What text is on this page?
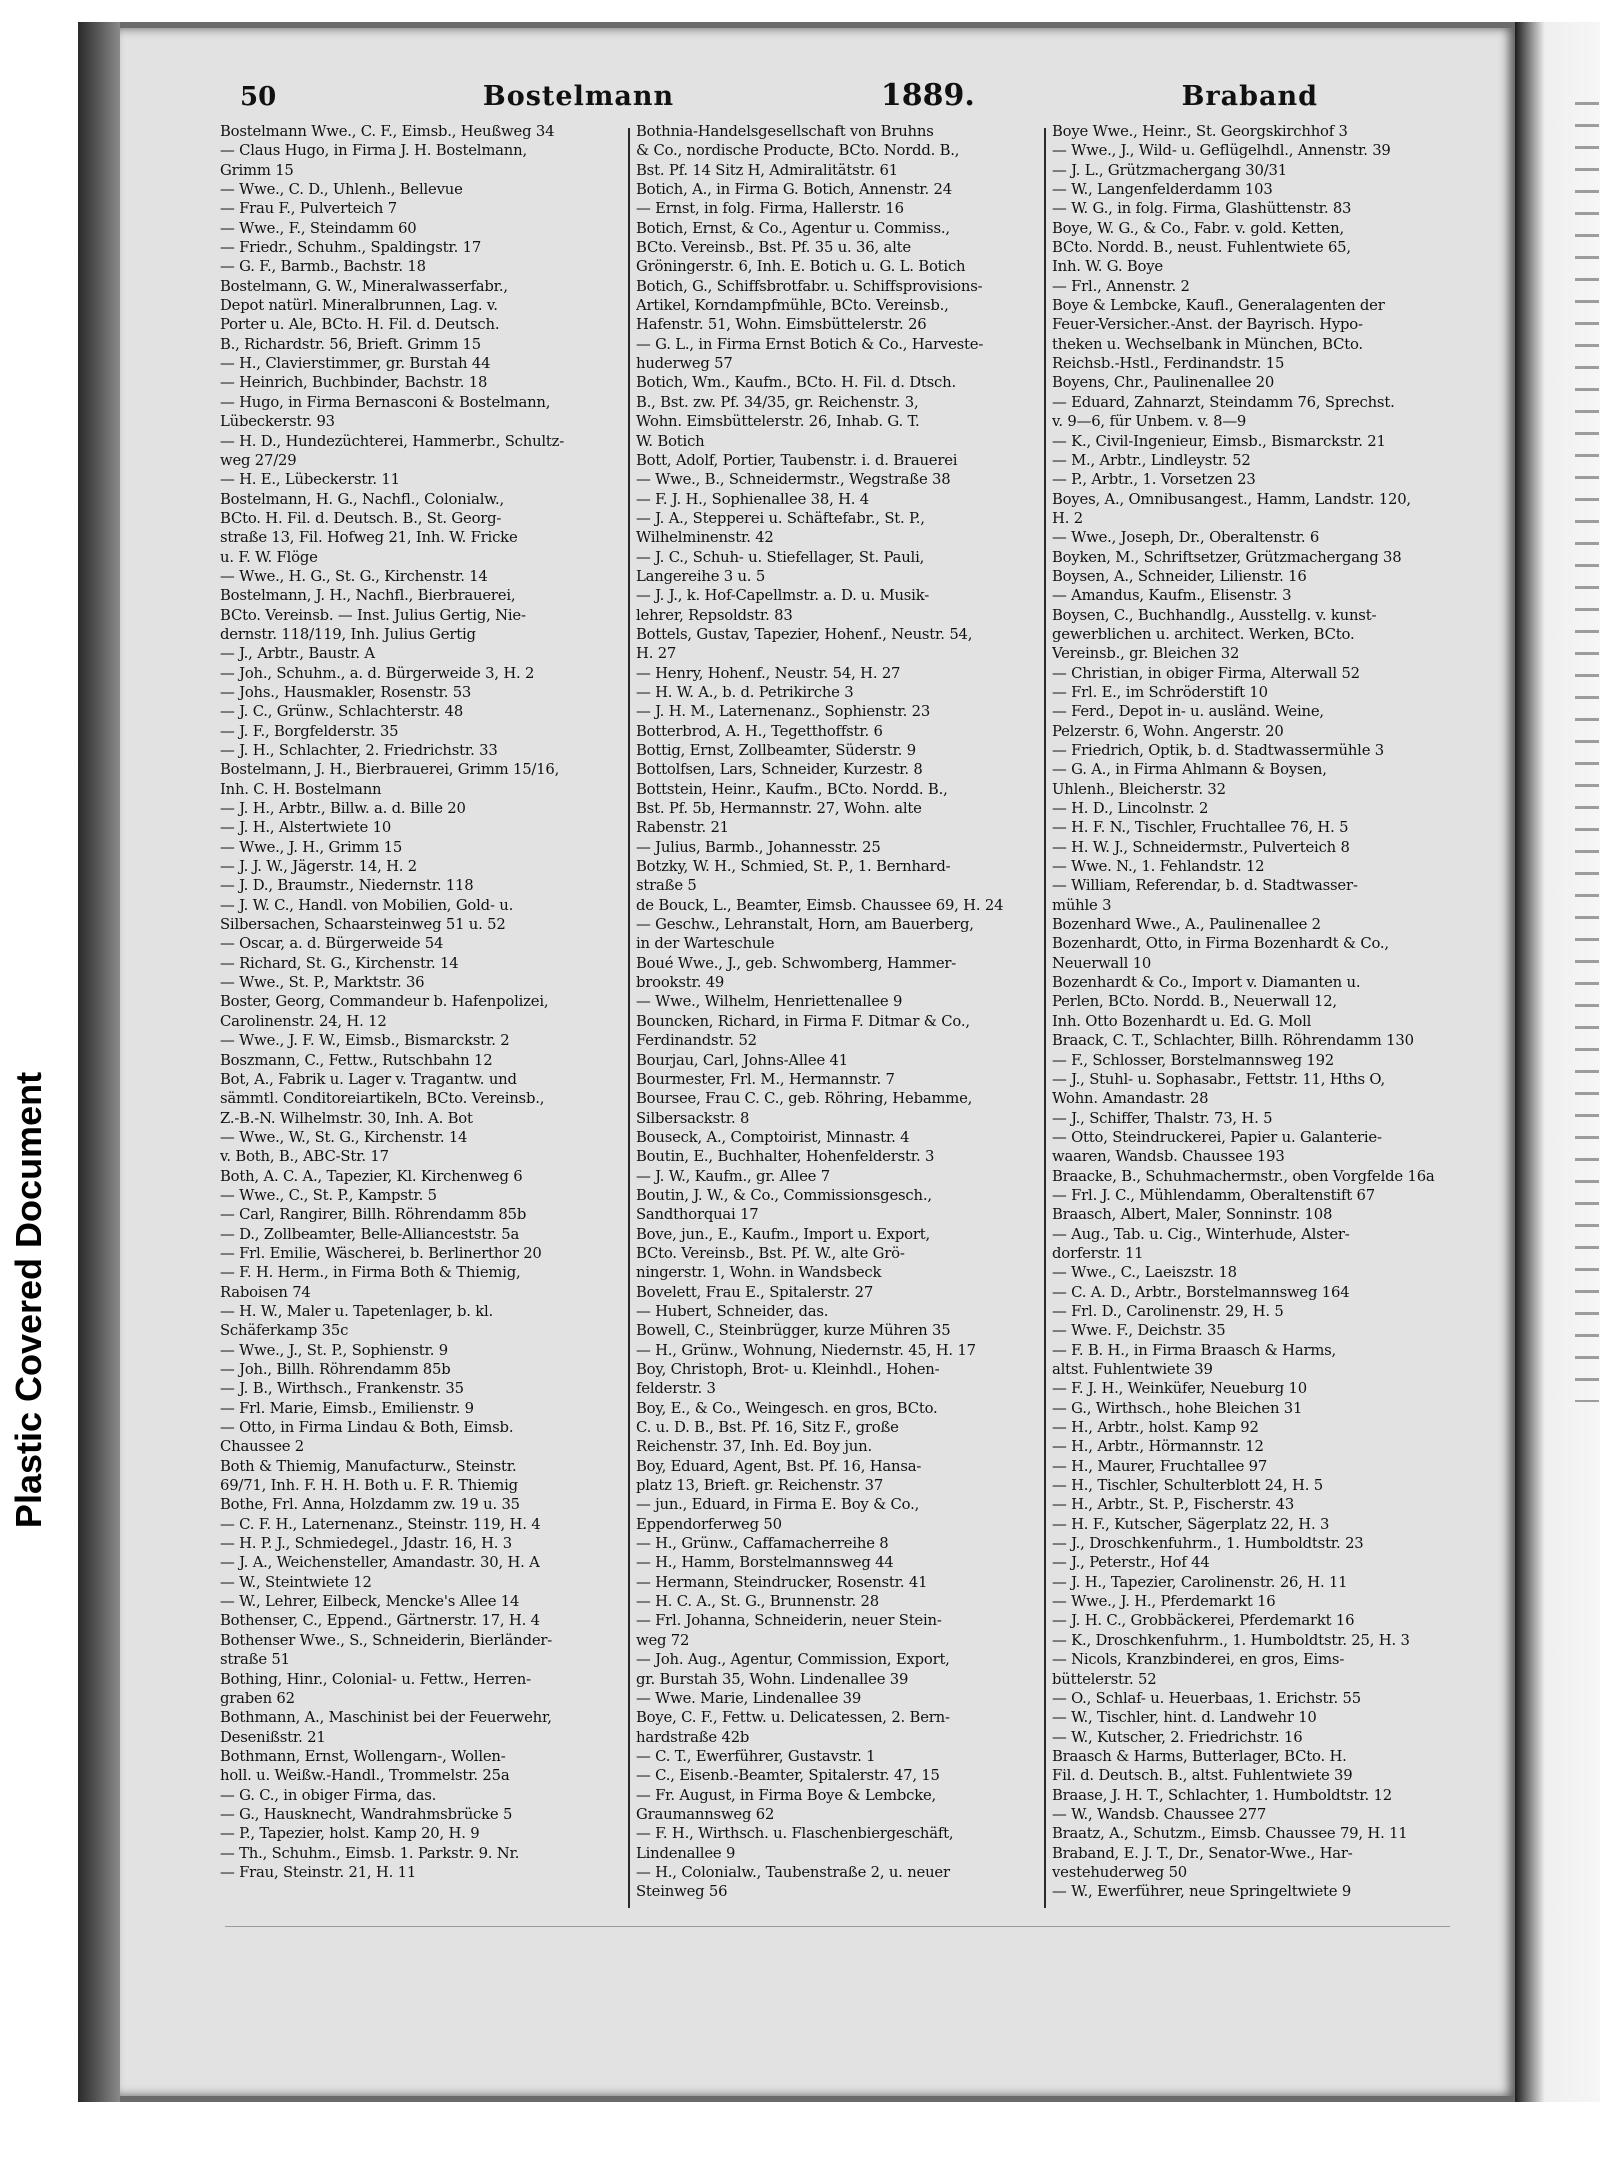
Plastic Covered Document
50	Bostelmann	1889.	Braband
Bostelmann Wwe., C. F., Eimsb., Heußweg 34
— Claus Hugo, in Firma J. H. Bostelmann,
Grimm 15
— Wwe., C. D., Uhlenh., Bellevue
— Frau F., Pulverteich 7
— Wwe., F., Steindamm 60
— Friedr., Schuhm., Spaldingstr. 17
— G. F., Barmb., Bachstr. 18
Bostelmann, G. W., Mineralwasserfabr.,
Depot natürl. Mineralbrunnen, Lag. v.
Porter u. Ale, BCto. H. Fil. d. Deutsch.
B., Richardstr. 56, Brieft. Grimm 15
— H., Clavierstimmer, gr. Burstah 44
— Heinrich, Buchbinder, Bachstr. 18
— Hugo, in Firma Bernasconi & Bostelmann,
Lübeckerstr. 93
— H. D., Hundezüchterei, Hammerbr., Schultz-
weg 27/29
— H. E., Lübeckerstr. 11
Bostelmann, H. G., Nachfl., Colonialw.,
BCto. H. Fil. d. Deutsch. B., St. Georg-
straße 13, Fil. Hofweg 21, Inh. W. Fricke
u. F. W. Flöge
— Wwe., H. G., St. G., Kirchenstr. 14
Bostelmann, J. H., Nachfl., Bierbrauerei,
BCto. Vereinsb. — Inst. Julius Gertig, Nie-
dernstr. 118/119, Inh. Julius Gertig
— J., Arbtr., Baustr. A
— Joh., Schuhm., a. d. Bürgerweide 3, H. 2
— Johs., Hausmakler, Rosenstr. 53
— J. C., Grünw., Schlachterstr. 48
— J. F., Borgfelderstr. 35
— J. H., Schlachter, 2. Friedrichstr. 33
Bostelmann, J. H., Bierbrauerei, Grimm 15/16,
Inh. C. H. Bostelmann
— J. H., Arbtr., Billw. a. d. Bille 20
— J. H., Alstertwiete 10
— Wwe., J. H., Grimm 15
— J. J. W., Jägerstr. 14, H. 2
— J. D., Braumstr., Niedernstr. 118
— J. W. C., Handl. von Mobilien, Gold- u.
Silbersachen, Schaarsteinweg 51 u. 52
— Oscar, a. d. Bürgerweide 54
— Richard, St. G., Kirchenstr. 14
— Wwe., St. P., Marktstr. 36
Boster, Georg, Commandeur b. Hafenpolizei,
Carolinenstr. 24, H. 12
— Wwe., J. F. W., Eimsb., Bismarckstr. 2
Boszmann, C., Fettw., Rutschbahn 12
Bot, A., Fabrik u. Lager v. Tragantw. und
sämmtl. Conditoreiartikeln, BCto. Vereinsb.,
Z.-B.-N. Wilhelmstr. 30, Inh. A. Bot
— Wwe., W., St. G., Kirchenstr. 14
v. Both, B., ABC-Str. 17
Both, A. C. A., Tapezier, Kl. Kirchenweg 6
— Wwe., C., St. P., Kampstr. 5
— Carl, Rangirer, Billh. Röhrendamm 85b
— D., Zollbeamter, Belle-Allianceststr. 5a
— Frl. Emilie, Wäscherei, b. Berlinerthor 20
— F. H. Herm., in Firma Both & Thiemig,
Raboisen 74
— H. W., Maler u. Tapetenlager, b. kl.
Schäferkamp 35c
— Wwe., J., St. P., Sophienstr. 9
— Joh., Billh. Röhrendamm 85b
— J. B., Wirthsch., Frankenstr. 35
— Frl. Marie, Eimsb., Emilienstr. 9
— Otto, in Firma Lindau & Both, Eimsb.
Chaussee 2
Both & Thiemig, Manufacturw., Steinstr.
69/71, Inh. F. H. H. Both u. F. R. Thiemig
Bothe, Frl. Anna, Holzdamm zw. 19 u. 35
— C. F. H., Laternenanz., Steinstr. 119, H. 4
— H. P. J., Schmiedegel., Jdastr. 16, H. 3
— J. A., Weichensteller, Amandastr. 30, H. A
— W., Steintwiete 12
— W., Lehrer, Eilbeck, Mencke's Allee 14
Bothenser, C., Eppend., Gärtnerstr. 17, H. 4
Bothenser Wwe., S., Schneiderin, Bierländer-
straße 51
Bothing, Hinr., Colonial- u. Fettw., Herren-
graben 62
Bothmann, A., Maschinist bei der Feuerwehr,
Desenißstr. 21
Bothmann, Ernst, Wollengarn-, Wollen-
holl. u. Weißw.-Handl., Trommelstr. 25a
— G. C., in obiger Firma, das.
— G., Hausknecht, Wandrahmsbrücke 5
— P., Tapezier, holst. Kamp 20, H. 9
— Th., Schuhm., Eimsb. 1. Parkstr. 9. Nr.
— Frau, Steinstr. 21, H. 11
Bothnia-Handelsgesellschaft von Bruhns
& Co., nordische Producte, BCto. Nordd. B.,
Bst. Pf. 14 Sitz H, Admiralitätstr. 61
Botich, A., in Firma G. Botich, Annenstr. 24
— Ernst, in folg. Firma, Hallerstr. 16
Botich, Ernst, & Co., Agentur u. Commiss.,
BCto. Vereinsb., Bst. Pf. 35 u. 36, alte
Gröningerstr. 6, Inh. E. Botich u. G. L. Botich
Botich, G., Schiffsbrotfabr. u. Schiffsprovisions-
Artikel, Korndampfmühle, BCto. Vereinsb.,
Hafenstr. 51, Wohn. Eimsbüttelerstr. 26
— G. L., in Firma Ernst Botich & Co., Harveste-
huderweg 57
Botich, Wm., Kaufm., BCto. H. Fil. d. Dtsch.
B., Bst. zw. Pf. 34/35, gr. Reichenstr. 3,
Wohn. Eimsbüttelerstr. 26, Inhab. G. T.
W. Botich
Bott, Adolf, Portier, Taubenstr. i. d. Brauerei
— Wwe., B., Schneidermstr., Wegstraße 38
— F. J. H., Sophienallee 38, H. 4
— J. A., Stepperei u. Schäftefabr., St. P.,
Wilhelminenstr. 42
— J. C., Schuh- u. Stiefellager, St. Pauli,
Langereihe 3 u. 5
— J. J., k. Hof-Capellmstr. a. D. u. Musik-
lehrer, Repsoldstr. 83
Bottels, Gustav, Tapezier, Hohenf., Neustr. 54,
H. 27
— Henry, Hohenf., Neustr. 54, H. 27
— H. W. A., b. d. Petrikirche 3
— J. H. M., Laternenanz., Sophienstr. 23
Botterbrod, A. H., Tegetthoffstr. 6
Bottig, Ernst, Zollbeamter, Süderstr. 9
Bottolfsen, Lars, Schneider, Kurzestr. 8
Bottstein, Heinr., Kaufm., BCto. Nordd. B.,
Bst. Pf. 5b, Hermannstr. 27, Wohn. alte
Rabenstr. 21
— Julius, Barmb., Johannesstr. 25
Botzky, W. H., Schmied, St. P., 1. Bernhard-
straße 5
de Bouck, L., Beamter, Eimsb. Chaussee 69, H. 24
— Geschw., Lehranstalt, Horn, am Bauerberg,
in der Warteschule
Boué Wwe., J., geb. Schwomberg, Hammer-
brookstr. 49
— Wwe., Wilhelm, Henriettenallee 9
Bouncken, Richard, in Firma F. Ditmar & Co.,
Ferdinandstr. 52
Bourjau, Carl, Johns-Allee 41
Bourmester, Frl. M., Hermannstr. 7
Boursee, Frau C. C., geb. Röhring, Hebamme,
Silbersackstr. 8
Bouseck, A., Comptoirist, Minnastr. 4
Boutin, E., Buchhalter, Hohenfelderstr. 3
— J. W., Kaufm., gr. Allee 7
Boutin, J. W., & Co., Commissionsgesch.,
Sandthorquai 17
Bove, jun., E., Kaufm., Import u. Export,
BCto. Vereinsb., Bst. Pf. W., alte Grö-
ningerstr. 1, Wohn. in Wandsbeck
Bovelett, Frau E., Spitalerstr. 27
— Hubert, Schneider, das.
Bowell, C., Steinbrügger, kurze Mühren 35
— H., Grünw., Wohnung, Niedernstr. 45, H. 17
Boy, Christoph, Brot- u. Kleinhdl., Hohen-
felderstr. 3
Boy, E., & Co., Weingesch. en gros, BCto.
C. u. D. B., Bst. Pf. 16, Sitz F., große
Reichenstr. 37, Inh. Ed. Boy jun.
Boy, Eduard, Agent, Bst. Pf. 16, Hansa-
platz 13, Brieft. gr. Reichenstr. 37
— jun., Eduard, in Firma E. Boy & Co.,
Eppendorferweg 50
— H., Grünw., Caffamacherreihe 8
— H., Hamm, Borstelmannsweg 44
— Hermann, Steindrucker, Rosenstr. 41
— H. C. A., St. G., Brunnenstr. 28
— Frl. Johanna, Schneiderin, neuer Stein-
weg 72
— Joh. Aug., Agentur, Commission, Export,
gr. Burstah 35, Wohn. Lindenallee 39
— Wwe. Marie, Lindenallee 39
Boye, C. F., Fettw. u. Delicatessen, 2. Bern-
hardstraße 42b
— C. T., Ewerführer, Gustavstr. 1
— C., Eisenb.-Beamter, Spitalerstr. 47, 15
— Fr. August, in Firma Boye & Lembcke,
Graumannsweg 62
— F. H., Wirthsch. u. Flaschenbiergeschäft,
Lindenallee 9
— H., Colonialw., Taubenstraße 2, u. neuer
Steinweg 56
Boye Wwe., Heinr., St. Georgskirchhof 3
— Wwe., J., Wild- u. Geflügelhdl., Annenstr. 39
— J. L., Grützmachergang 30/31
— W., Langenfelderdamm 103
— W. G., in folg. Firma, Glashüttenstr. 83
Boye, W. G., & Co., Fabr. v. gold. Ketten,
BCto. Nordd. B., neust. Fuhlentwiete 65,
Inh. W. G. Boye
— Frl., Annenstr. 2
Boye & Lembcke, Kaufl., Generalagenten der
Feuer-Versicher.-Anst. der Bayrisch. Hypo-
theken u. Wechselbank in München, BCto.
Reichsb.-Hstl., Ferdinandstr. 15
Boyens, Chr., Paulinenallee 20
— Eduard, Zahnarzt, Steindamm 76, Sprechst.
v. 9—6, für Unbem. v. 8—9
— K., Civil-Ingenieur, Eimsb., Bismarckstr. 21
— M., Arbtr., Lindleystr. 52
— P., Arbtr., 1. Vorsetzen 23
Boyes, A., Omnibusangest., Hamm, Landstr. 120,
H. 2
— Wwe., Joseph, Dr., Oberaltenstr. 6
Boyken, M., Schriftsetzer, Grützmachergang 38
Boysen, A., Schneider, Lilienstr. 16
— Amandus, Kaufm., Elisenstr. 3
Boysen, C., Buchhandlg., Ausstellg. v. kunst-
gewerblichen u. architect. Werken, BCto.
Vereinsb., gr. Bleichen 32
— Christian, in obiger Firma, Alterwall 52
— Frl. E., im Schröderstift 10
— Ferd., Depot in- u. ausländ. Weine,
Pelzerstr. 6, Wohn. Angerstr. 20
— Friedrich, Optik, b. d. Stadtwassermühle 3
— G. A., in Firma Ahlmann & Boysen,
Uhlenh., Bleicherstr. 32
— H. D., Lincolnstr. 2
— H. F. N., Tischler, Fruchtallee 76, H. 5
— H. W. J., Schneidermstr., Pulverteich 8
— Wwe. N., 1. Fehlandstr. 12
— William, Referendar, b. d. Stadtwasser-
mühle 3
Bozenhard Wwe., A., Paulinenallee 2
Bozenhardt, Otto, in Firma Bozenhardt & Co.,
Neuerwall 10
Bozenhardt & Co., Import v. Diamanten u.
Perlen, BCto. Nordd. B., Neuerwall 12,
Inh. Otto Bozenhardt u. Ed. G. Moll
Braack, C. T., Schlachter, Billh. Röhrendamm 130
— F., Schlosser, Borstelmannsweg 192
— J., Stuhl- u. Sophasabr., Fettstr. 11, Hths O,
Wohn. Amandastr. 28
— J., Schiffer, Thalstr. 73, H. 5
— Otto, Steindruckerei, Papier u. Galanterie-
waaren, Wandsb. Chaussee 193
Braacke, B., Schuhmachermstr., oben Vorgfelde 16a
— Frl. J. C., Mühlendamm, Oberaltenstift 67
Braasch, Albert, Maler, Sonninstr. 108
— Aug., Tab. u. Cig., Winterhude, Alster-
dorferstr. 11
— Wwe., C., Laeiszstr. 18
— C. A. D., Arbtr., Borstelmannsweg 164
— Frl. D., Carolinenstr. 29, H. 5
— Wwe. F., Deichstr. 35
— F. B. H., in Firma Braasch & Harms,
altst. Fuhlentwiete 39
— F. J. H., Weinküfer, Neueburg 10
— G., Wirthsch., hohe Bleichen 31
— H., Arbtr., holst. Kamp 92
— H., Arbtr., Hörmannstr. 12
— H., Maurer, Fruchtallee 97
— H., Tischler, Schulterblott 24, H. 5
— H., Arbtr., St. P., Fischerstr. 43
— H. F., Kutscher, Sägerplatz 22, H. 3
— J., Droschkenfuhrm., 1. Humboldtstr. 23
— J., Peterstr., Hof 44
— J. H., Tapezier, Carolinenstr. 26, H. 11
— Wwe., J. H., Pferdemarkt 16
— J. H. C., Grobbäckerei, Pferdemarkt 16
— K., Droschkenfuhrm., 1. Humboldtstr. 25, H. 3
— Nicols, Kranzbinderei, en gros, Eims-
büttelerstr. 52
— O., Schlaf- u. Heuerbaas, 1. Erichstr. 55
— W., Tischler, hint. d. Landwehr 10
— W., Kutscher, 2. Friedrichstr. 16
Braasch & Harms, Butterlager, BCto. H.
Fil. d. Deutsch. B., altst. Fuhlentwiete 39
Braase, J. H. T., Schlachter, 1. Humboldtstr. 12
— W., Wandsb. Chaussee 277
Braatz, A., Schutzm., Eimsb. Chaussee 79, H. 11
Braband, E. J. T., Dr., Senator-Wwe., Har-
vestehuderweg 50
— W., Ewerführer, neue Springeltwiete 9
